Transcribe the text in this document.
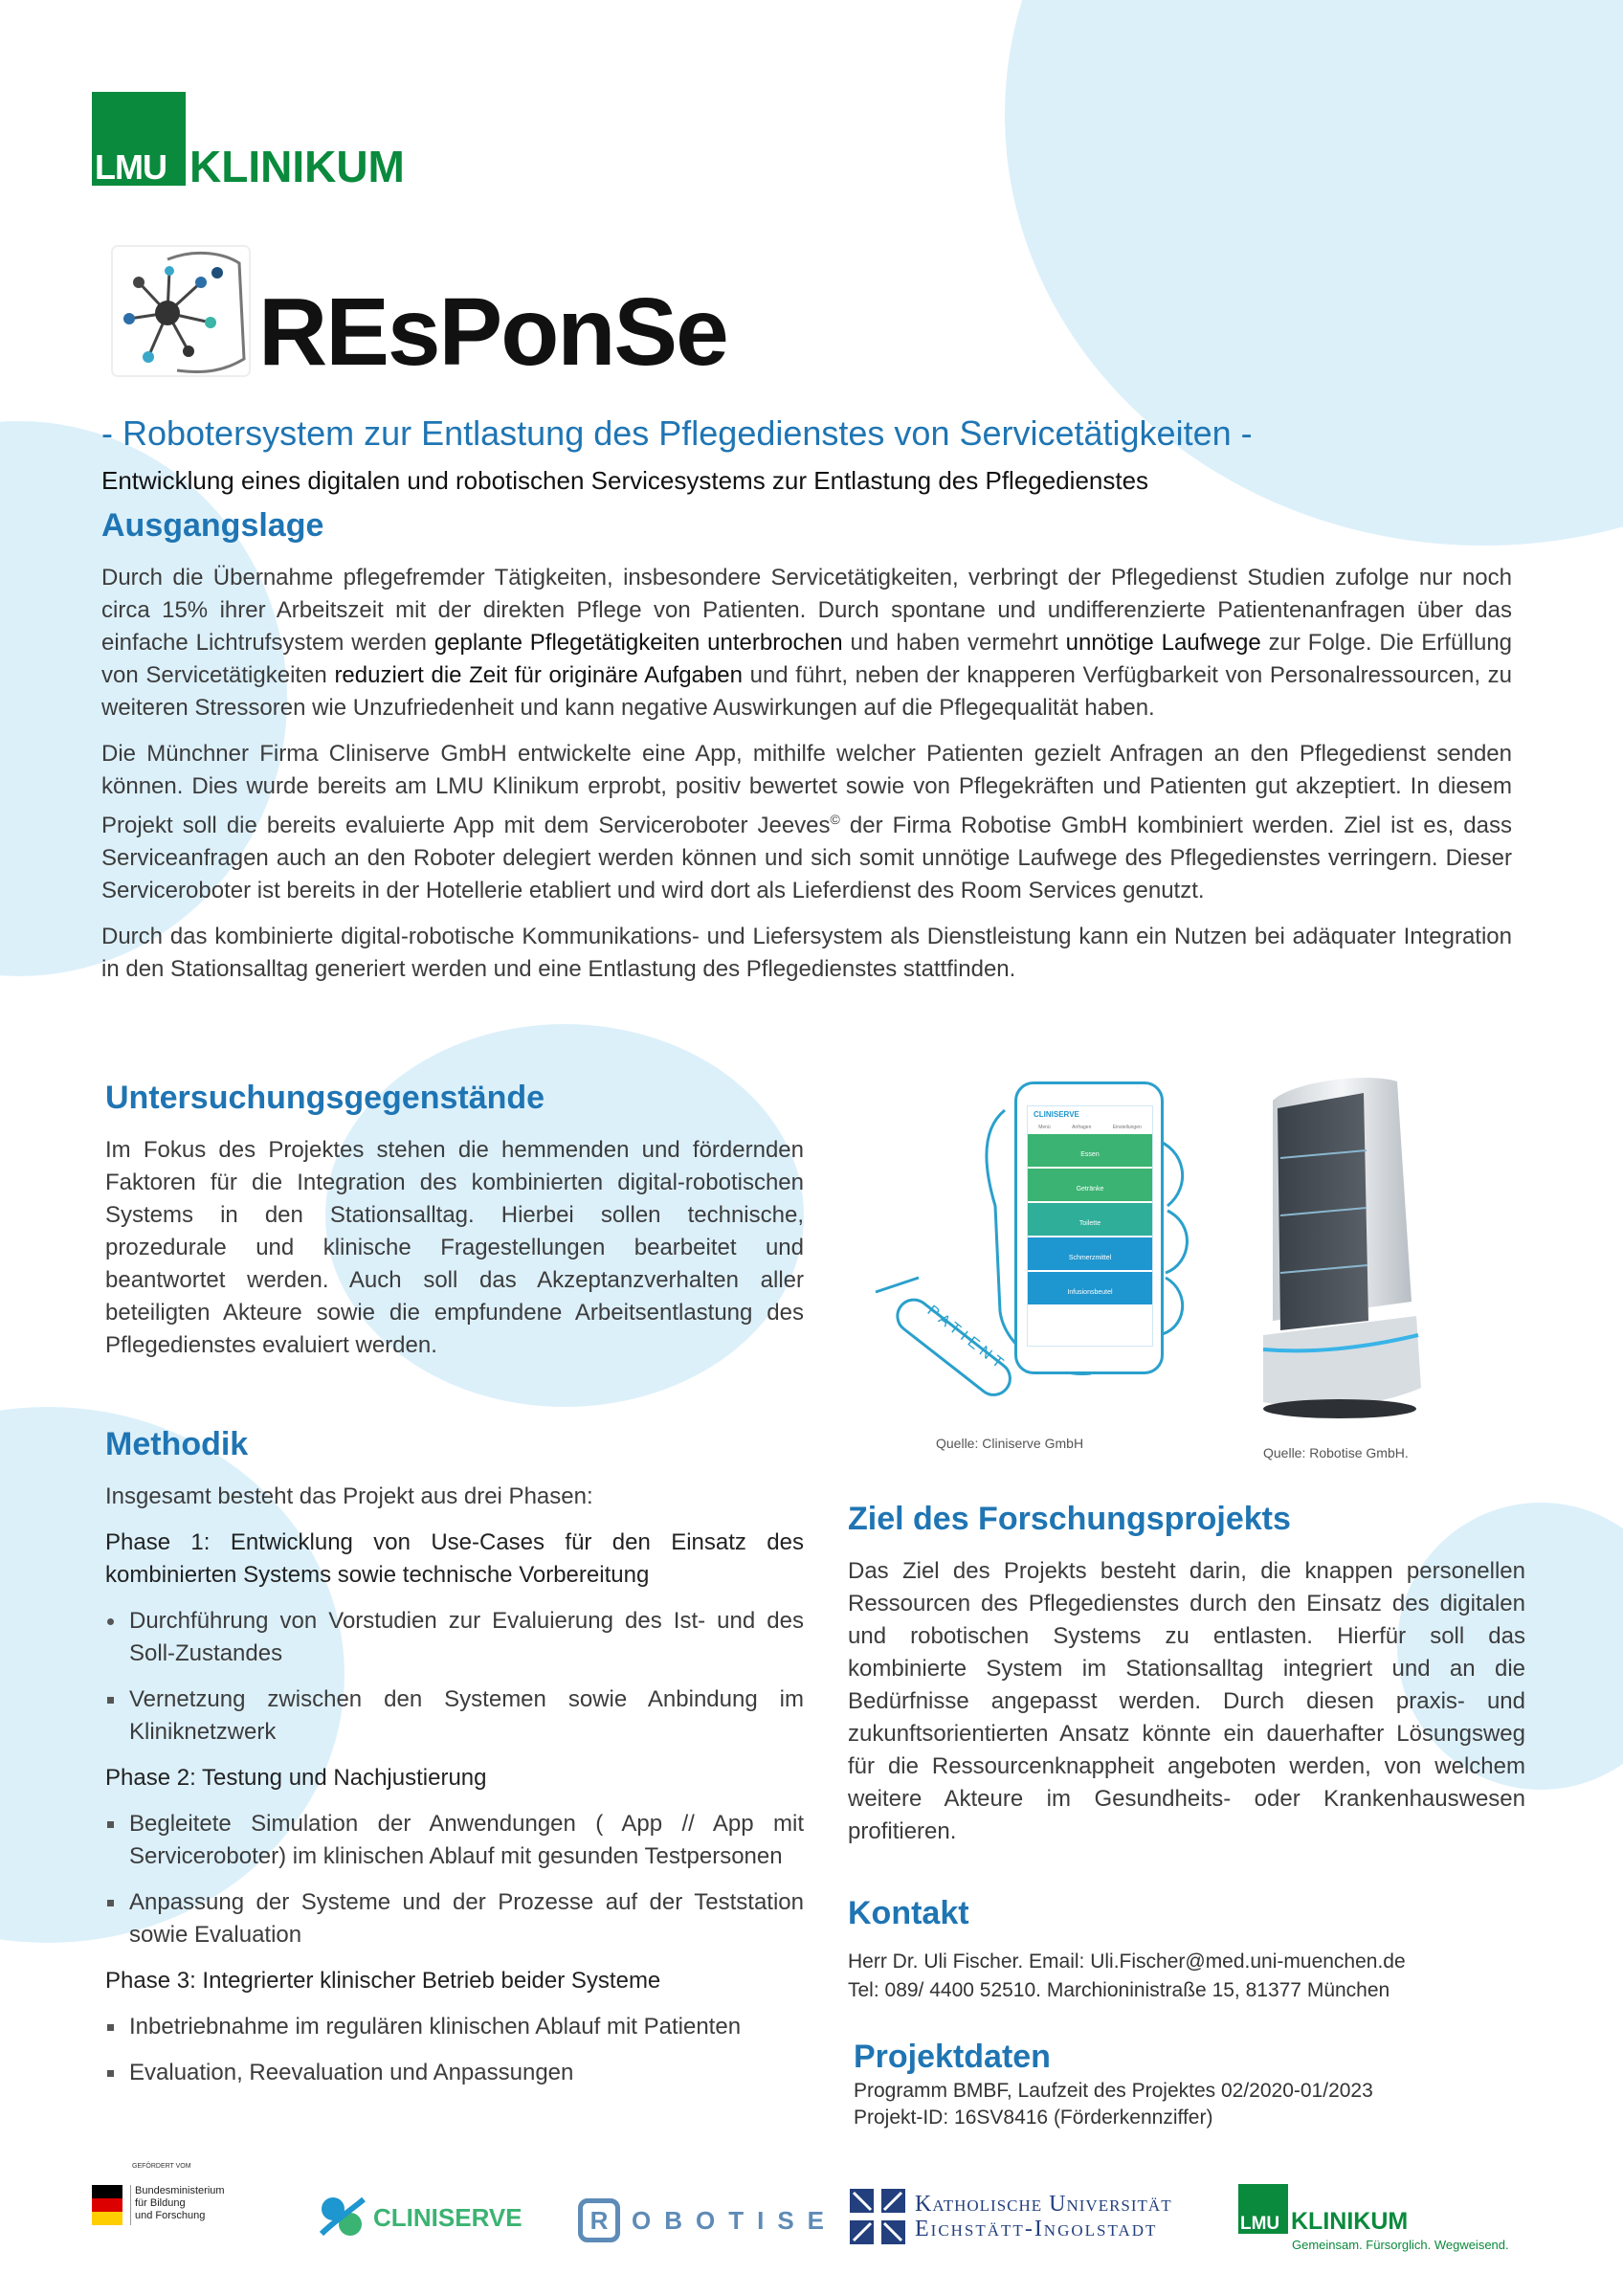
LMU KLINIKUM
REsPonSe
- Robotersystem zur Entlastung des Pflegedienstes von Servicetätigkeiten -
Entwicklung eines digitalen und robotischen Servicesystems zur Entlastung des Pflegedienstes
Ausgangslage

Durch die Übernahme pflegefremder Tätigkeiten, insbesondere Servicetätigkeiten, verbringt der Pflegedienst Studien zufolge nur noch circa 15% ihrer Arbeitszeit mit der direkten Pflege von Patienten. Durch spontane und undifferenzierte Patientenanfragen über das einfache Lichtrufsystem werden geplante Pflegetätigkeiten unterbrochen und haben vermehrt unnötige Laufwege zur Folge. Die Erfüllung von Servicetätigkeiten reduziert die Zeit für originäre Aufgaben und führt, neben der knapperen Verfügbarkeit von Personalressourcen, zu weiteren Stressoren wie Unzufriedenheit und kann negative Auswirkungen auf die Pflegequalität haben.

Die Münchner Firma Cliniserve GmbH entwickelte eine App, mithilfe welcher Patienten gezielt Anfragen an den Pflegedienst senden können. Dies wurde bereits am LMU Klinikum erprobt, positiv bewertet sowie von Pflegekräften und Patienten gut akzeptiert. In diesem Projekt soll die bereits evaluierte App mit dem Serviceroboter Jeeves© der Firma Robotise GmbH kombiniert werden. Ziel ist es, dass Serviceanfragen auch an den Roboter delegiert werden können und sich somit unnötige Laufwege des Pflegedienstes verringern. Dieser Serviceroboter ist bereits in der Hotellerie etabliert und wird dort als Lieferdienst des Room Services genutzt.

Durch das kombinierte digital-robotische Kommunikations- und Liefersystem als Dienstleistung kann ein Nutzen bei adäquater Integration in den Stationsalltag generiert werden und eine Entlastung des Pflegedienstes stattfinden.

Untersuchungsgegenstände

Im Fokus des Projektes stehen die hemmenden und fördernden Faktoren für die Integration des kombinierten digital-robotischen Systems in den Stationsalltag. Hierbei sollen technische, prozedurale und klinische Fragestellungen bearbeitet und beantwortet werden. Auch soll das Akzeptanzverhalten aller beteiligten Akteure sowie die empfundene Arbeitsentlastung des Pflegedienstes evaluiert werden.	PATIENT
CLINISERVE
Menü	Anfragen	Einstellungen
Essen
Getränke
Toilette
Schmerzmittel
Infusionsbeutel
Quelle: Cliniserve GmbH
Quelle: Robotise GmbH.
Methodik

Insgesamt besteht das Projekt aus drei Phasen:

Phase 1: Entwicklung von Use-Cases für den Einsatz des kombinierten Systems sowie technische Vorbereitung

Durchführung von Vorstudien zur Evaluierung des Ist- und des Soll-Zustandes
Vernetzung zwischen den Systemen sowie Anbindung im Kliniknetzwerk

Phase 2: Testung und Nachjustierung

Begleitete Simulation der Anwendungen ( App // App mit Serviceroboter) im klinischen Ablauf mit gesunden Testpersonen
Anpassung der Systeme und der Prozesse auf der Teststation sowie Evaluation

Phase 3: Integrierter klinischer Betrieb beider Systeme

Inbetriebnahme im regulären klinischen Ablauf mit Patienten
Evaluation, Reevaluation und Anpassungen
Ziel des Forschungsprojekts

Das Ziel des Projekts besteht darin, die knappen personellen Ressourcen des Pflegedienstes durch den Einsatz des digitalen und robotischen Systems zu entlasten. Hierfür soll das kombinierte System im Stationsalltag integriert und an die Bedürfnisse angepasst werden. Durch diesen praxis- und zukunftsorientierten Ansatz könnte ein dauerhafter Lösungsweg für die Ressourcenknappheit angeboten werden, von welchem weitere Akteure im Gesundheits- oder Krankenhauswesen profitieren.

Kontakt
Herr Dr. Uli Fischer. Email: Uli.Fischer@med.uni-muenchen.de
Tel: 089/ 4400 52510. Marchioninistraße 15, 81377 München
Projektdaten
Programm BMBF, Laufzeit des Projektes 02/2020-01/2023
Projekt-ID: 16SV8416 (Förderkennziffer)
GEFÖRDERT VOM
Bundesministerium
für Bildung
und Forschung	CLINISERVE	R OBOTISE
Katholische Universität
Eichstätt-Ingolstadt	LMU KLINIKUM
Gemeinsam. Fürsorglich. Wegweisend.
